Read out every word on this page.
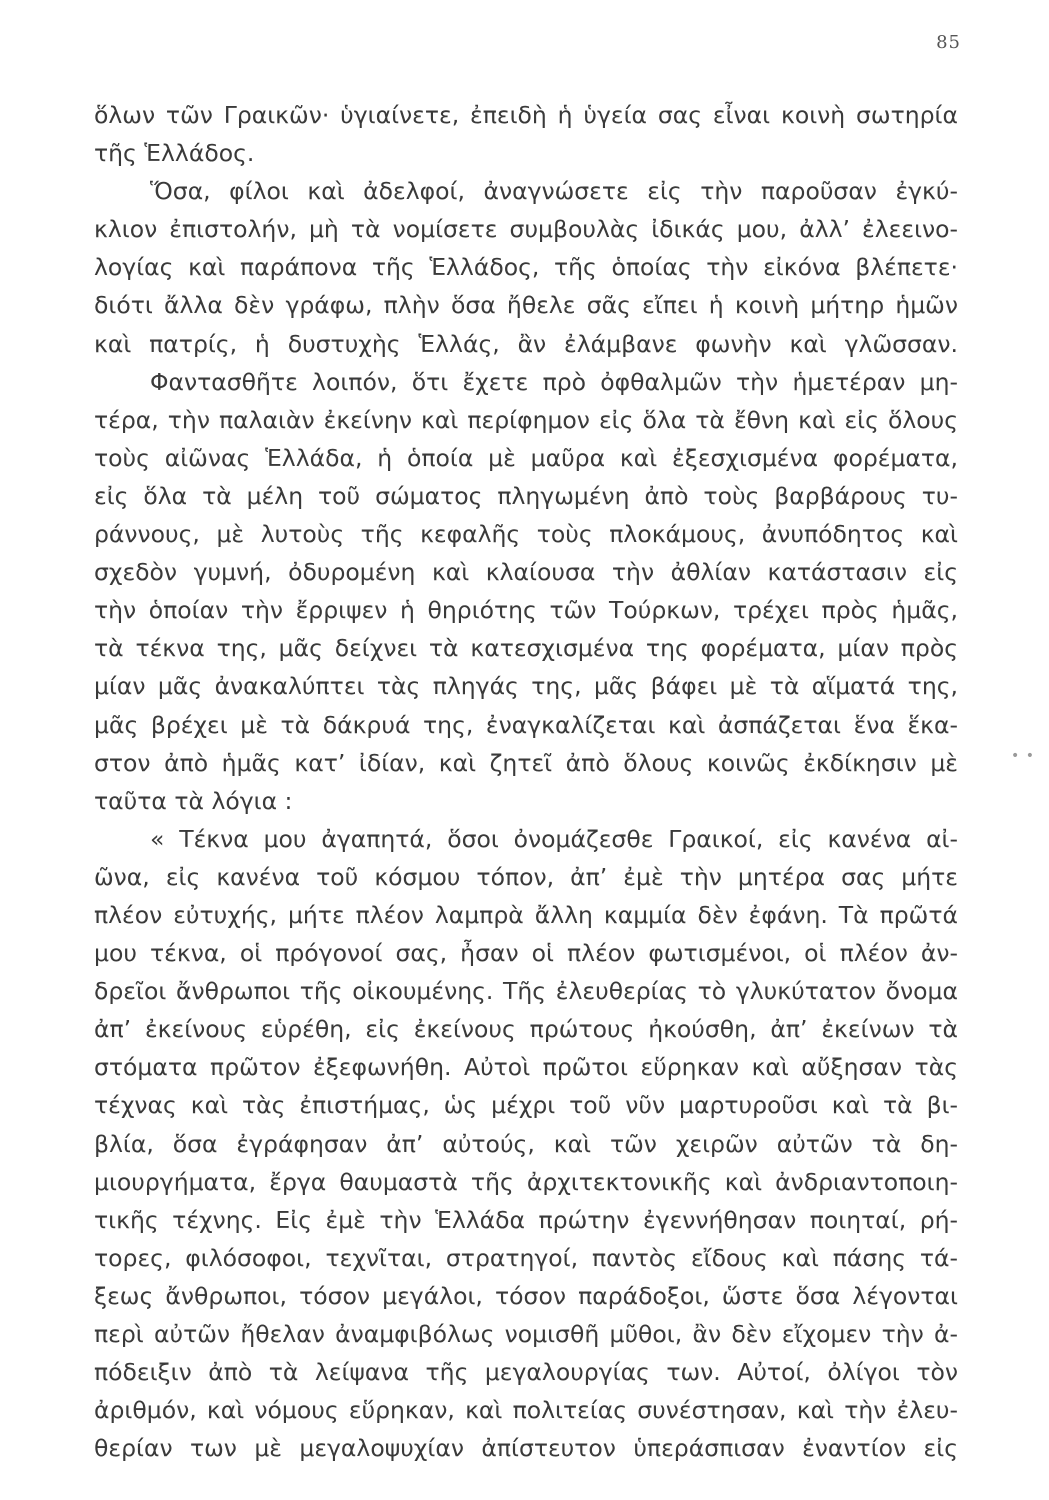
85
• •
ὅλων τῶν Γραικῶν· ὑγιαίνετε, ἐπειδὴ ἡ ὑγεία σας εἶναι κοινὴ σωτηρία
τῆς Ἑλλάδος.
Ὅσα, φίλοι καὶ ἀδελφοί, ἀναγνώσετε εἰς τὴν παροῦσαν ἐγκύ-
κλιον ἐπιστολήν, μὴ τὰ νομίσετε συμβουλὰς ἰδικάς μου, ἀλλ’ ἐλεεινο-
λογίας καὶ παράπονα τῆς Ἑλλάδος, τῆς ὁποίας τὴν εἰκόνα βλέπετε·
διότι ἄλλα δὲν γράφω, πλὴν ὅσα ἤθελε σᾶς εἴπει ἡ κοινὴ μήτηρ ἡμῶν
καὶ πατρίς, ἡ δυστυχὴς Ἑλλάς, ἂν ἐλάμβανε φωνὴν καὶ γλῶσσαν.
Φαντασθῆτε λοιπόν, ὅτι ἔχετε πρὸ ὀφθαλμῶν τὴν ἡμετέραν μη-
τέρα, τὴν παλαιὰν ἐκείνην καὶ περίφημον εἰς ὅλα τὰ ἔθνη καὶ εἰς ὅλους
τοὺς αἰῶνας Ἑλλάδα, ἡ ὁποία μὲ μαῦρα καὶ ἐξεσχισμένα φορέματα,
εἰς ὅλα τὰ μέλη τοῦ σώματος πληγωμένη ἀπὸ τοὺς βαρβάρους τυ-
ράννους, μὲ λυτοὺς τῆς κεφαλῆς τοὺς πλοκάμους, ἀνυπόδητος καὶ
σχεδὸν γυμνή, ὀδυρομένη καὶ κλαίουσα τὴν ἀθλίαν κατάστασιν εἰς
τὴν ὁποίαν τὴν ἔρριψεν ἡ θηριότης τῶν Τούρκων, τρέχει πρὸς ἡμᾶς,
τὰ τέκνα της, μᾶς δείχνει τὰ κατεσχισμένα της φορέματα, μίαν πρὸς
μίαν μᾶς ἀνακαλύπτει τὰς πληγάς της, μᾶς βάφει μὲ τὰ αἵματά της,
μᾶς βρέχει μὲ τὰ δάκρυά της, ἐναγκαλίζεται καὶ ἀσπάζεται ἕνα ἕκα-
στον ἀπὸ ἡμᾶς κατ’ ἰδίαν, καὶ ζητεῖ ἀπὸ ὅλους κοινῶς ἐκδίκησιν μὲ
ταῦτα τὰ λόγια :
« Τέκνα μου ἀγαπητά, ὅσοι ὀνομάζεσθε Γραικοί, εἰς κανένα αἰ-
ῶνα, εἰς κανένα τοῦ κόσμου τόπον, ἀπ’ ἐμὲ τὴν μητέρα σας μήτε
πλέον εὐτυχής, μήτε πλέον λαμπρὰ ἄλλη καμμία δὲν ἐφάνη. Τὰ πρῶτά
μου τέκνα, οἱ πρόγονοί σας, ἦσαν οἱ πλέον φωτισμένοι, οἱ πλέον ἀν-
δρεῖοι ἄνθρωποι τῆς οἰκουμένης. Τῆς ἐλευθερίας τὸ γλυκύτατον ὄνομα
ἀπ’ ἐκείνους εὑρέθη, εἰς ἐκείνους πρώτους ἠκούσθη, ἀπ’ ἐκείνων τὰ
στόματα πρῶτον ἐξεφωνήθη. Αὐτοὶ πρῶτοι εὕρηκαν καὶ αὔξησαν τὰς
τέχνας καὶ τὰς ἐπιστήμας, ὡς μέχρι τοῦ νῦν μαρτυροῦσι καὶ τὰ βι-
βλία, ὅσα ἐγράφησαν ἀπ’ αὐτούς, καὶ τῶν χειρῶν αὐτῶν τὰ δη-
μιουργήματα, ἔργα θαυμαστὰ τῆς ἀρχιτεκτονικῆς καὶ ἀνδριαντοποιη-
τικῆς τέχνης. Εἰς ἐμὲ τὴν Ἑλλάδα πρώτην ἐγεννήθησαν ποιηταί, ρή-
τορες, φιλόσοφοι, τεχνῖται, στρατηγοί, παντὸς εἴδους καὶ πάσης τά-
ξεως ἄνθρωποι, τόσον μεγάλοι, τόσον παράδοξοι, ὥστε ὅσα λέγονται
περὶ αὐτῶν ἤθελαν ἀναμφιβόλως νομισθῆ μῦθοι, ἂν δὲν εἴχομεν τὴν ἀ-
πόδειξιν ἀπὸ τὰ λείψανα τῆς μεγαλουργίας των. Αὐτοί, ὀλίγοι τὸν
ἀριθμόν, καὶ νόμους εὕρηκαν, καὶ πολιτείας συνέστησαν, καὶ τὴν ἐλευ-
θερίαν των μὲ μεγαλοψυχίαν ἀπίστευτον ὑπεράσπισαν ἐναντίον εἰς
